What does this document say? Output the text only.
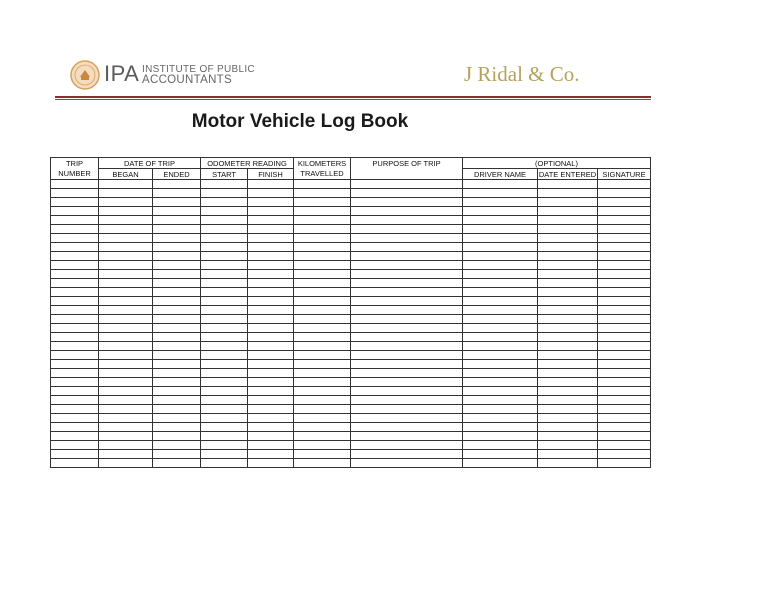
IPA INSTITUTE OF PUBLIC
ACCOUNTANTS	J Ridal & Co.
Motor Vehicle Log Book
TRIP	DATE OF TRIP		ODOMETER READING		KILOMETERS	PURPOSE OF TRIP	(OPTIONAL)		
NUMBER	BEGAN	ENDED	START	FINISH	TRAVELLED		DRIVER NAME	DATE ENTERED	SIGNATURE
